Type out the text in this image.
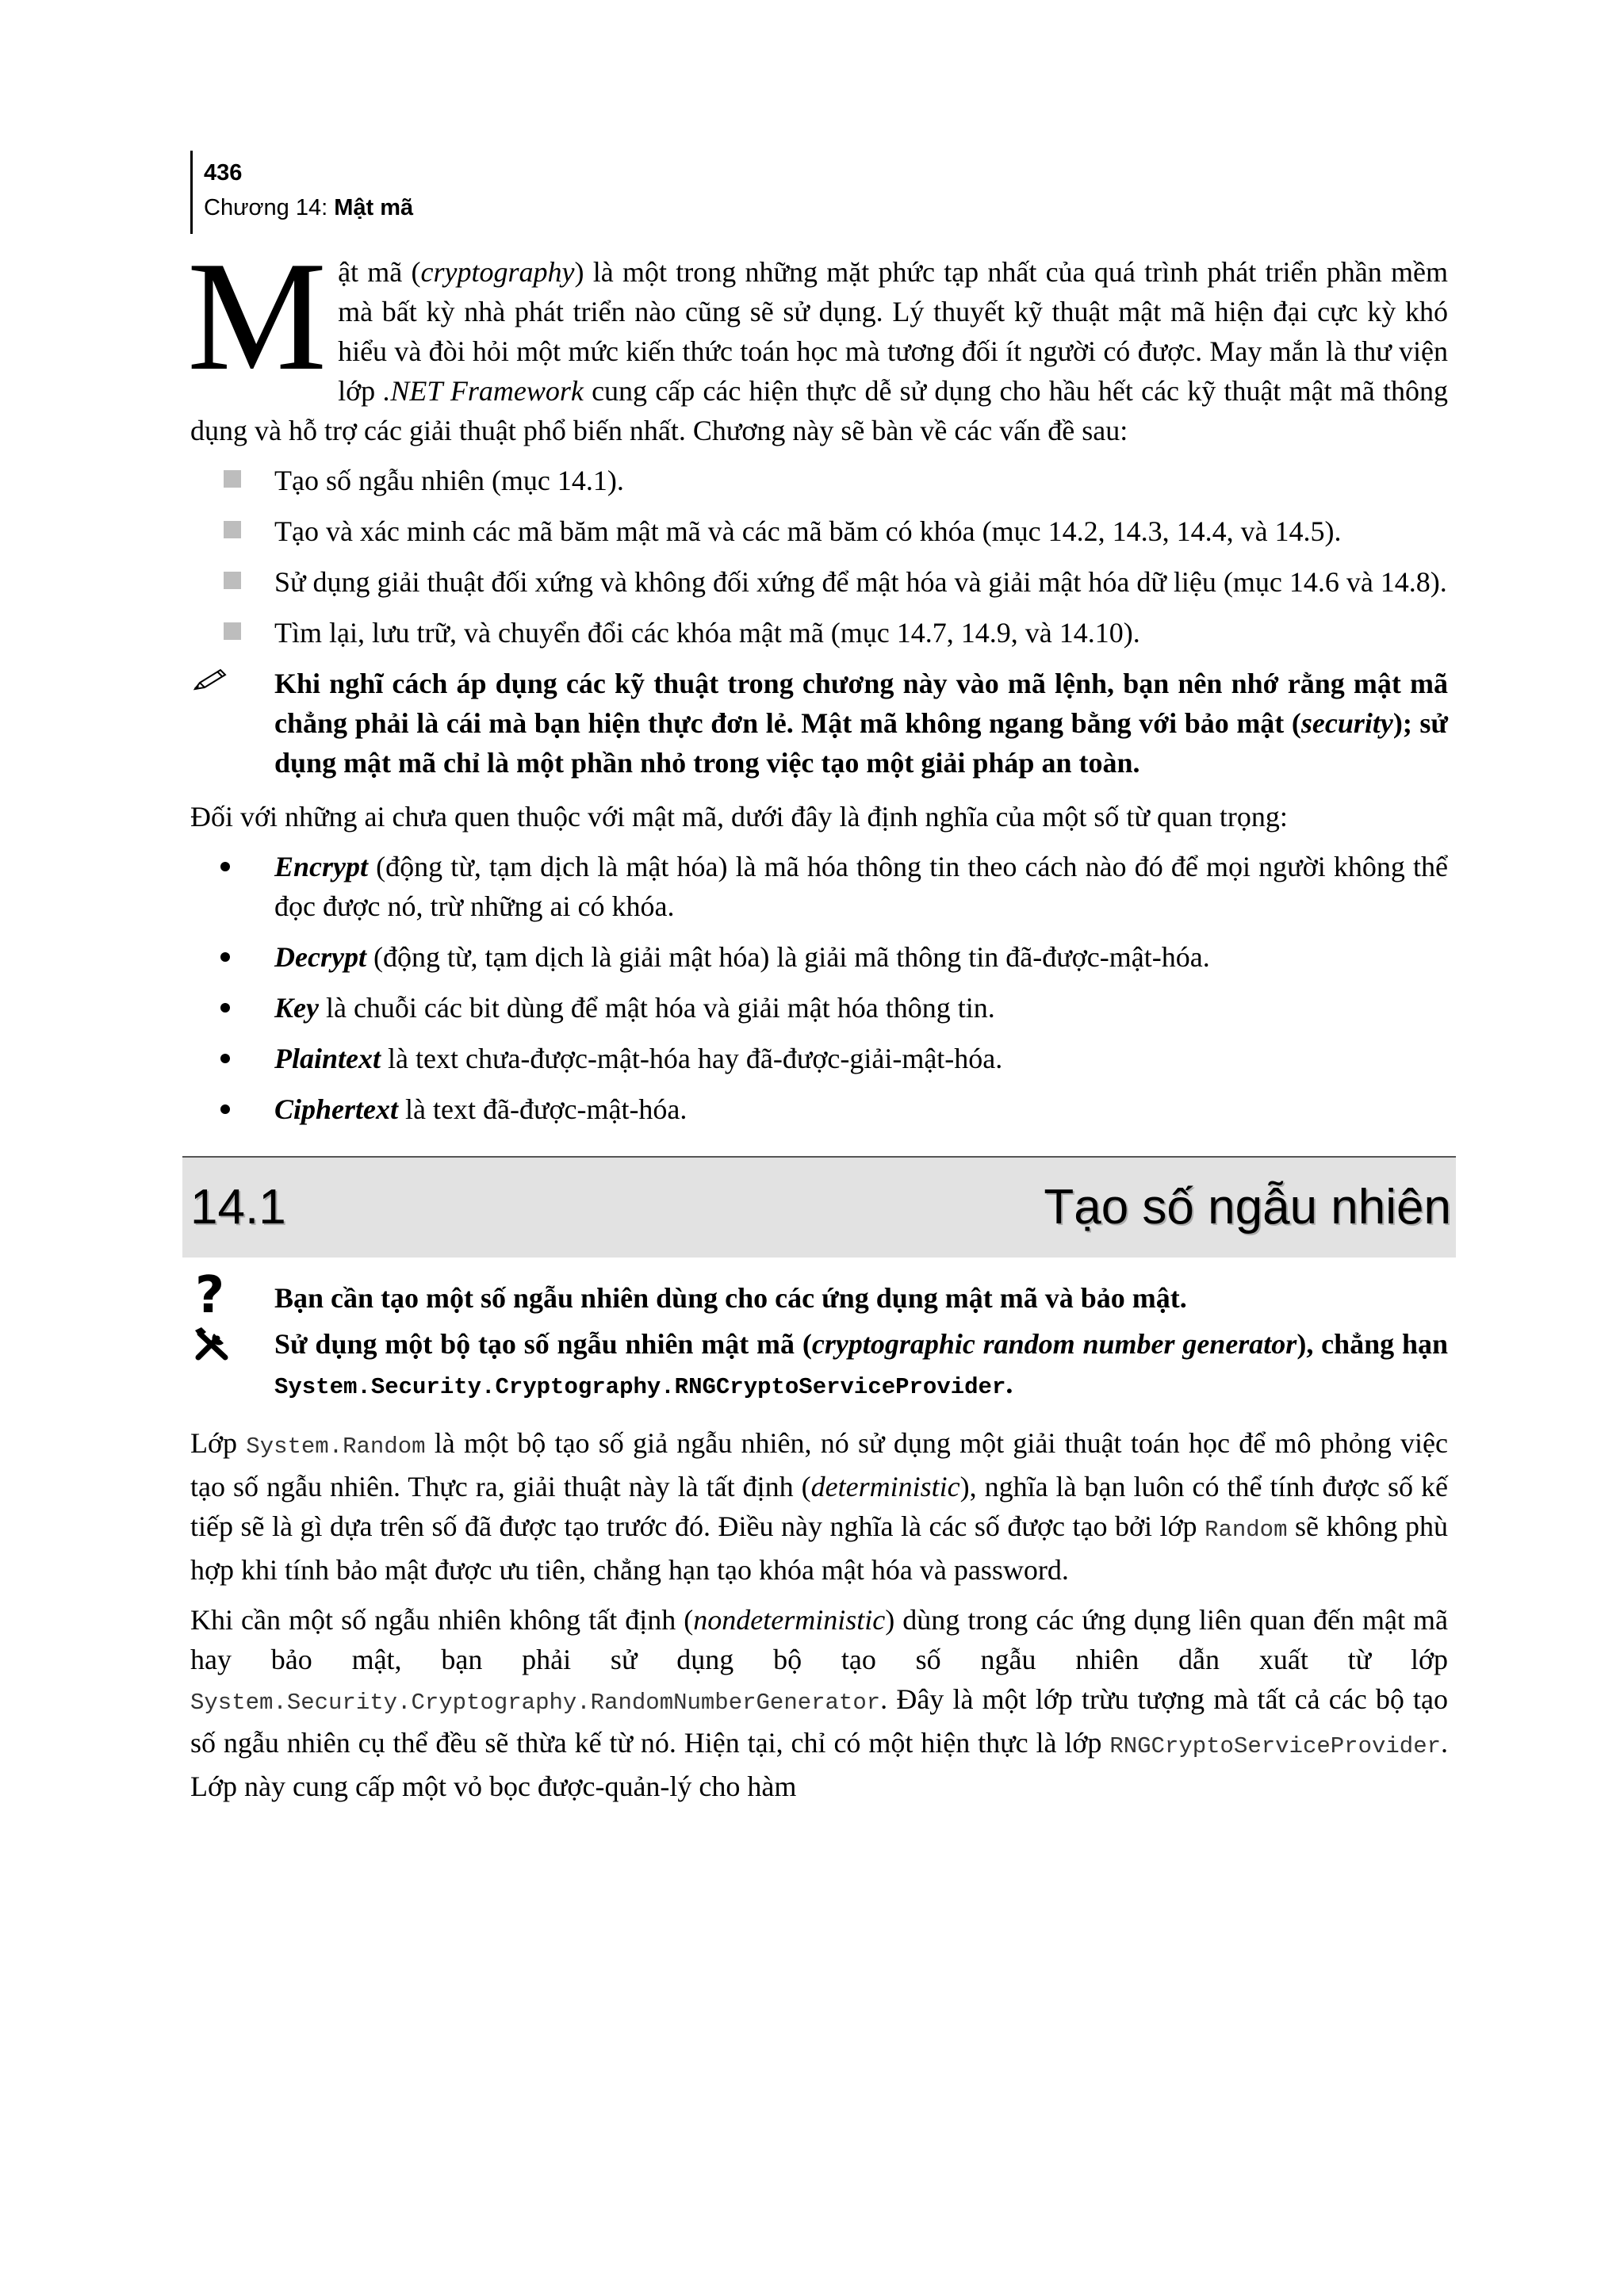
436
Chương 14: Mật mã

Mật mã (cryptography) là một trong những mặt phức tạp nhất của quá trình phát triển phần mềm mà bất kỳ nhà phát triển nào cũng sẽ sử dụng. Lý thuyết kỹ thuật mật mã hiện đại cực kỳ khó hiểu và đòi hỏi một mức kiến thức toán học mà tương đối ít người có được. May mắn là thư viện lớp .NET Framework cung cấp các hiện thực dễ sử dụng cho hầu hết các kỹ thuật mật mã thông dụng và hỗ trợ các giải thuật phổ biến nhất. Chương này sẽ bàn về các vấn đề sau:

Tạo số ngẫu nhiên (mục 14.1).
Tạo và xác minh các mã băm mật mã và các mã băm có khóa (mục 14.2, 14.3, 14.4, và 14.5).
Sử dụng giải thuật đối xứng và không đối xứng để mật hóa và giải mật hóa dữ liệu (mục 14.6 và 14.8).
Tìm lại, lưu trữ, và chuyển đổi các khóa mật mã (mục 14.7, 14.9, và 14.10).
Khi nghĩ cách áp dụng các kỹ thuật trong chương này vào mã lệnh, bạn nên nhớ rằng mật mã chẳng phải là cái mà bạn hiện thực đơn lẻ. Mật mã không ngang bằng với bảo mật (security); sử dụng mật mã chỉ là một phần nhỏ trong việc tạo một giải pháp an toàn.

Đối với những ai chưa quen thuộc với mật mã, dưới đây là định nghĩa của một số từ quan trọng:

Encrypt (động từ, tạm dịch là mật hóa) là mã hóa thông tin theo cách nào đó để mọi người không thể đọc được nó, trừ những ai có khóa.
Decrypt (động từ, tạm dịch là giải mật hóa) là giải mã thông tin đã-được-mật-hóa.
Key là chuỗi các bit dùng để mật hóa và giải mật hóa thông tin.
Plaintext là text chưa-được-mật-hóa hay đã-được-giải-mật-hóa.
Ciphertext là text đã-được-mật-hóa.
14.1	Tạo số ngẫu nhiên
? Bạn cần tạo một số ngẫu nhiên dùng cho các ứng dụng mật mã và bảo mật.
Sử dụng một bộ tạo số ngẫu nhiên mật mã (cryptographic random number generator), chẳng hạn System.Security.Cryptography.RNGCryptoServiceProvider.

Lớp System.Random là một bộ tạo số giả ngẫu nhiên, nó sử dụng một giải thuật toán học để mô phỏng việc tạo số ngẫu nhiên. Thực ra, giải thuật này là tất định (deterministic), nghĩa là bạn luôn có thể tính được số kế tiếp sẽ là gì dựa trên số đã được tạo trước đó. Điều này nghĩa là các số được tạo bởi lớp Random sẽ không phù hợp khi tính bảo mật được ưu tiên, chẳng hạn tạo khóa mật hóa và password.

Khi cần một số ngẫu nhiên không tất định (nondeterministic) dùng trong các ứng dụng liên quan đến mật mã hay bảo mật, bạn phải sử dụng bộ tạo số ngẫu nhiên dẫn xuất từ lớp System.Security.Cryptography.RandomNumberGenerator. Đây là một lớp trừu tượng mà tất cả các bộ tạo số ngẫu nhiên cụ thể đều sẽ thừa kế từ nó. Hiện tại, chỉ có một hiện thực là lớp RNGCryptoServiceProvider. Lớp này cung cấp một vỏ bọc được-quản-lý cho hàm
